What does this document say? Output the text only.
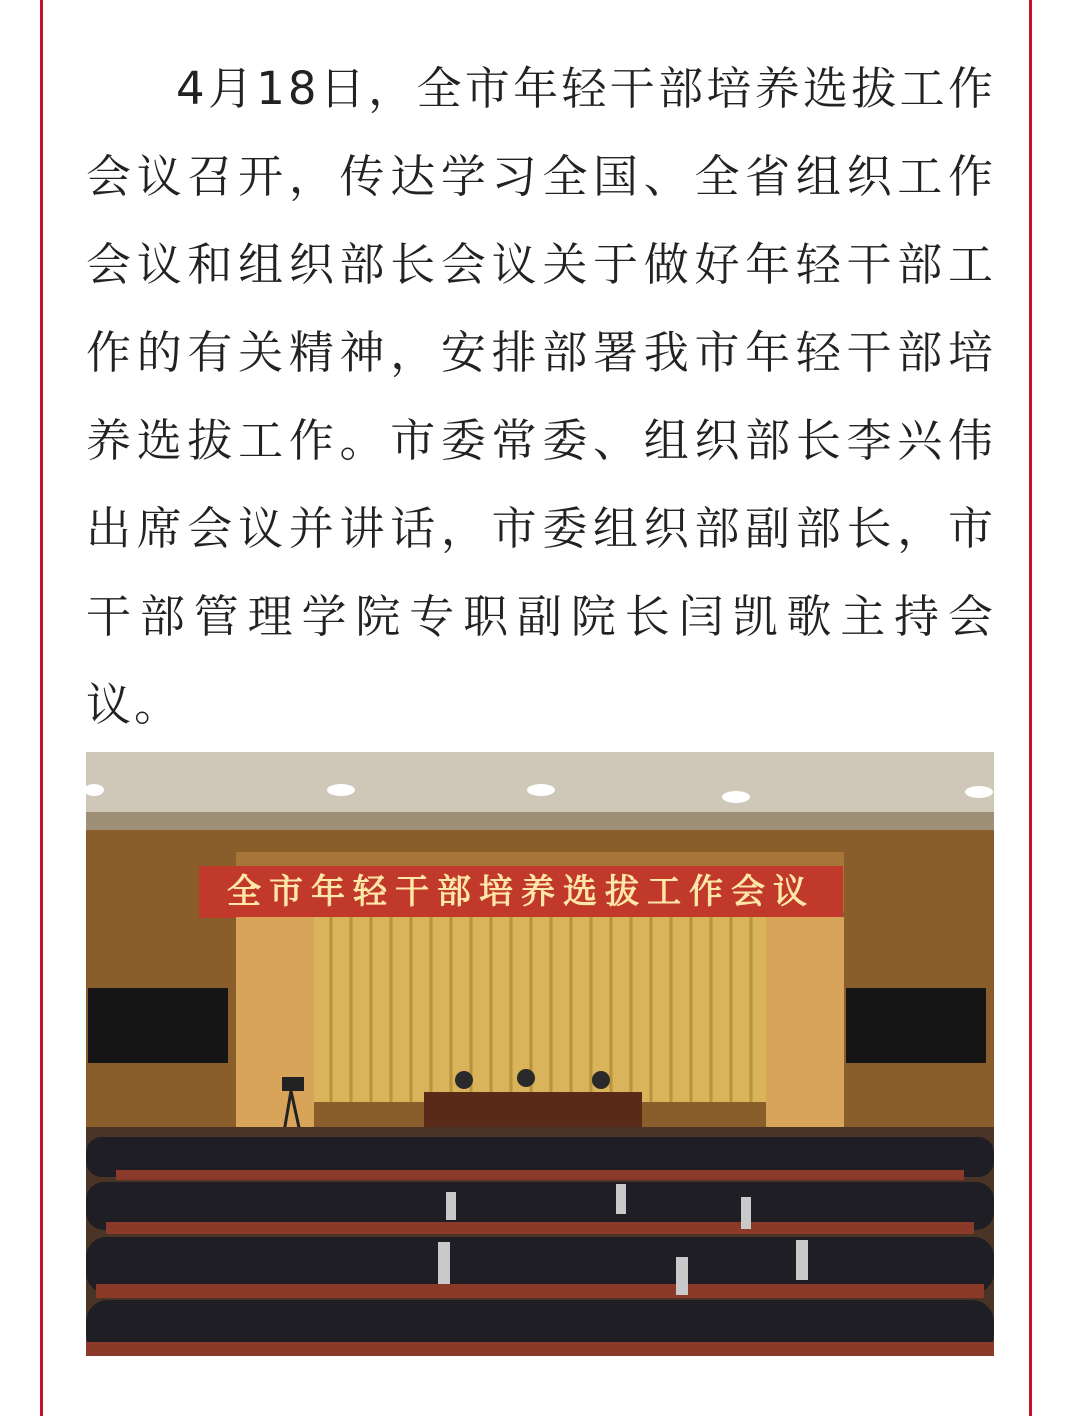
4月18日，全市年轻干部培养选拔工作会议召开，传达学习全国、全省组织工作会议和组织部长会议关于做好年轻干部工作的有关精神，安排部署我市年轻干部培养选拔工作。市委常委、组织部长李兴伟出席会议并讲话，市委组织部副部长，市干部管理学院专职副院长闫凯歌主持会议。
全市年轻干部培养选拔工作会议
